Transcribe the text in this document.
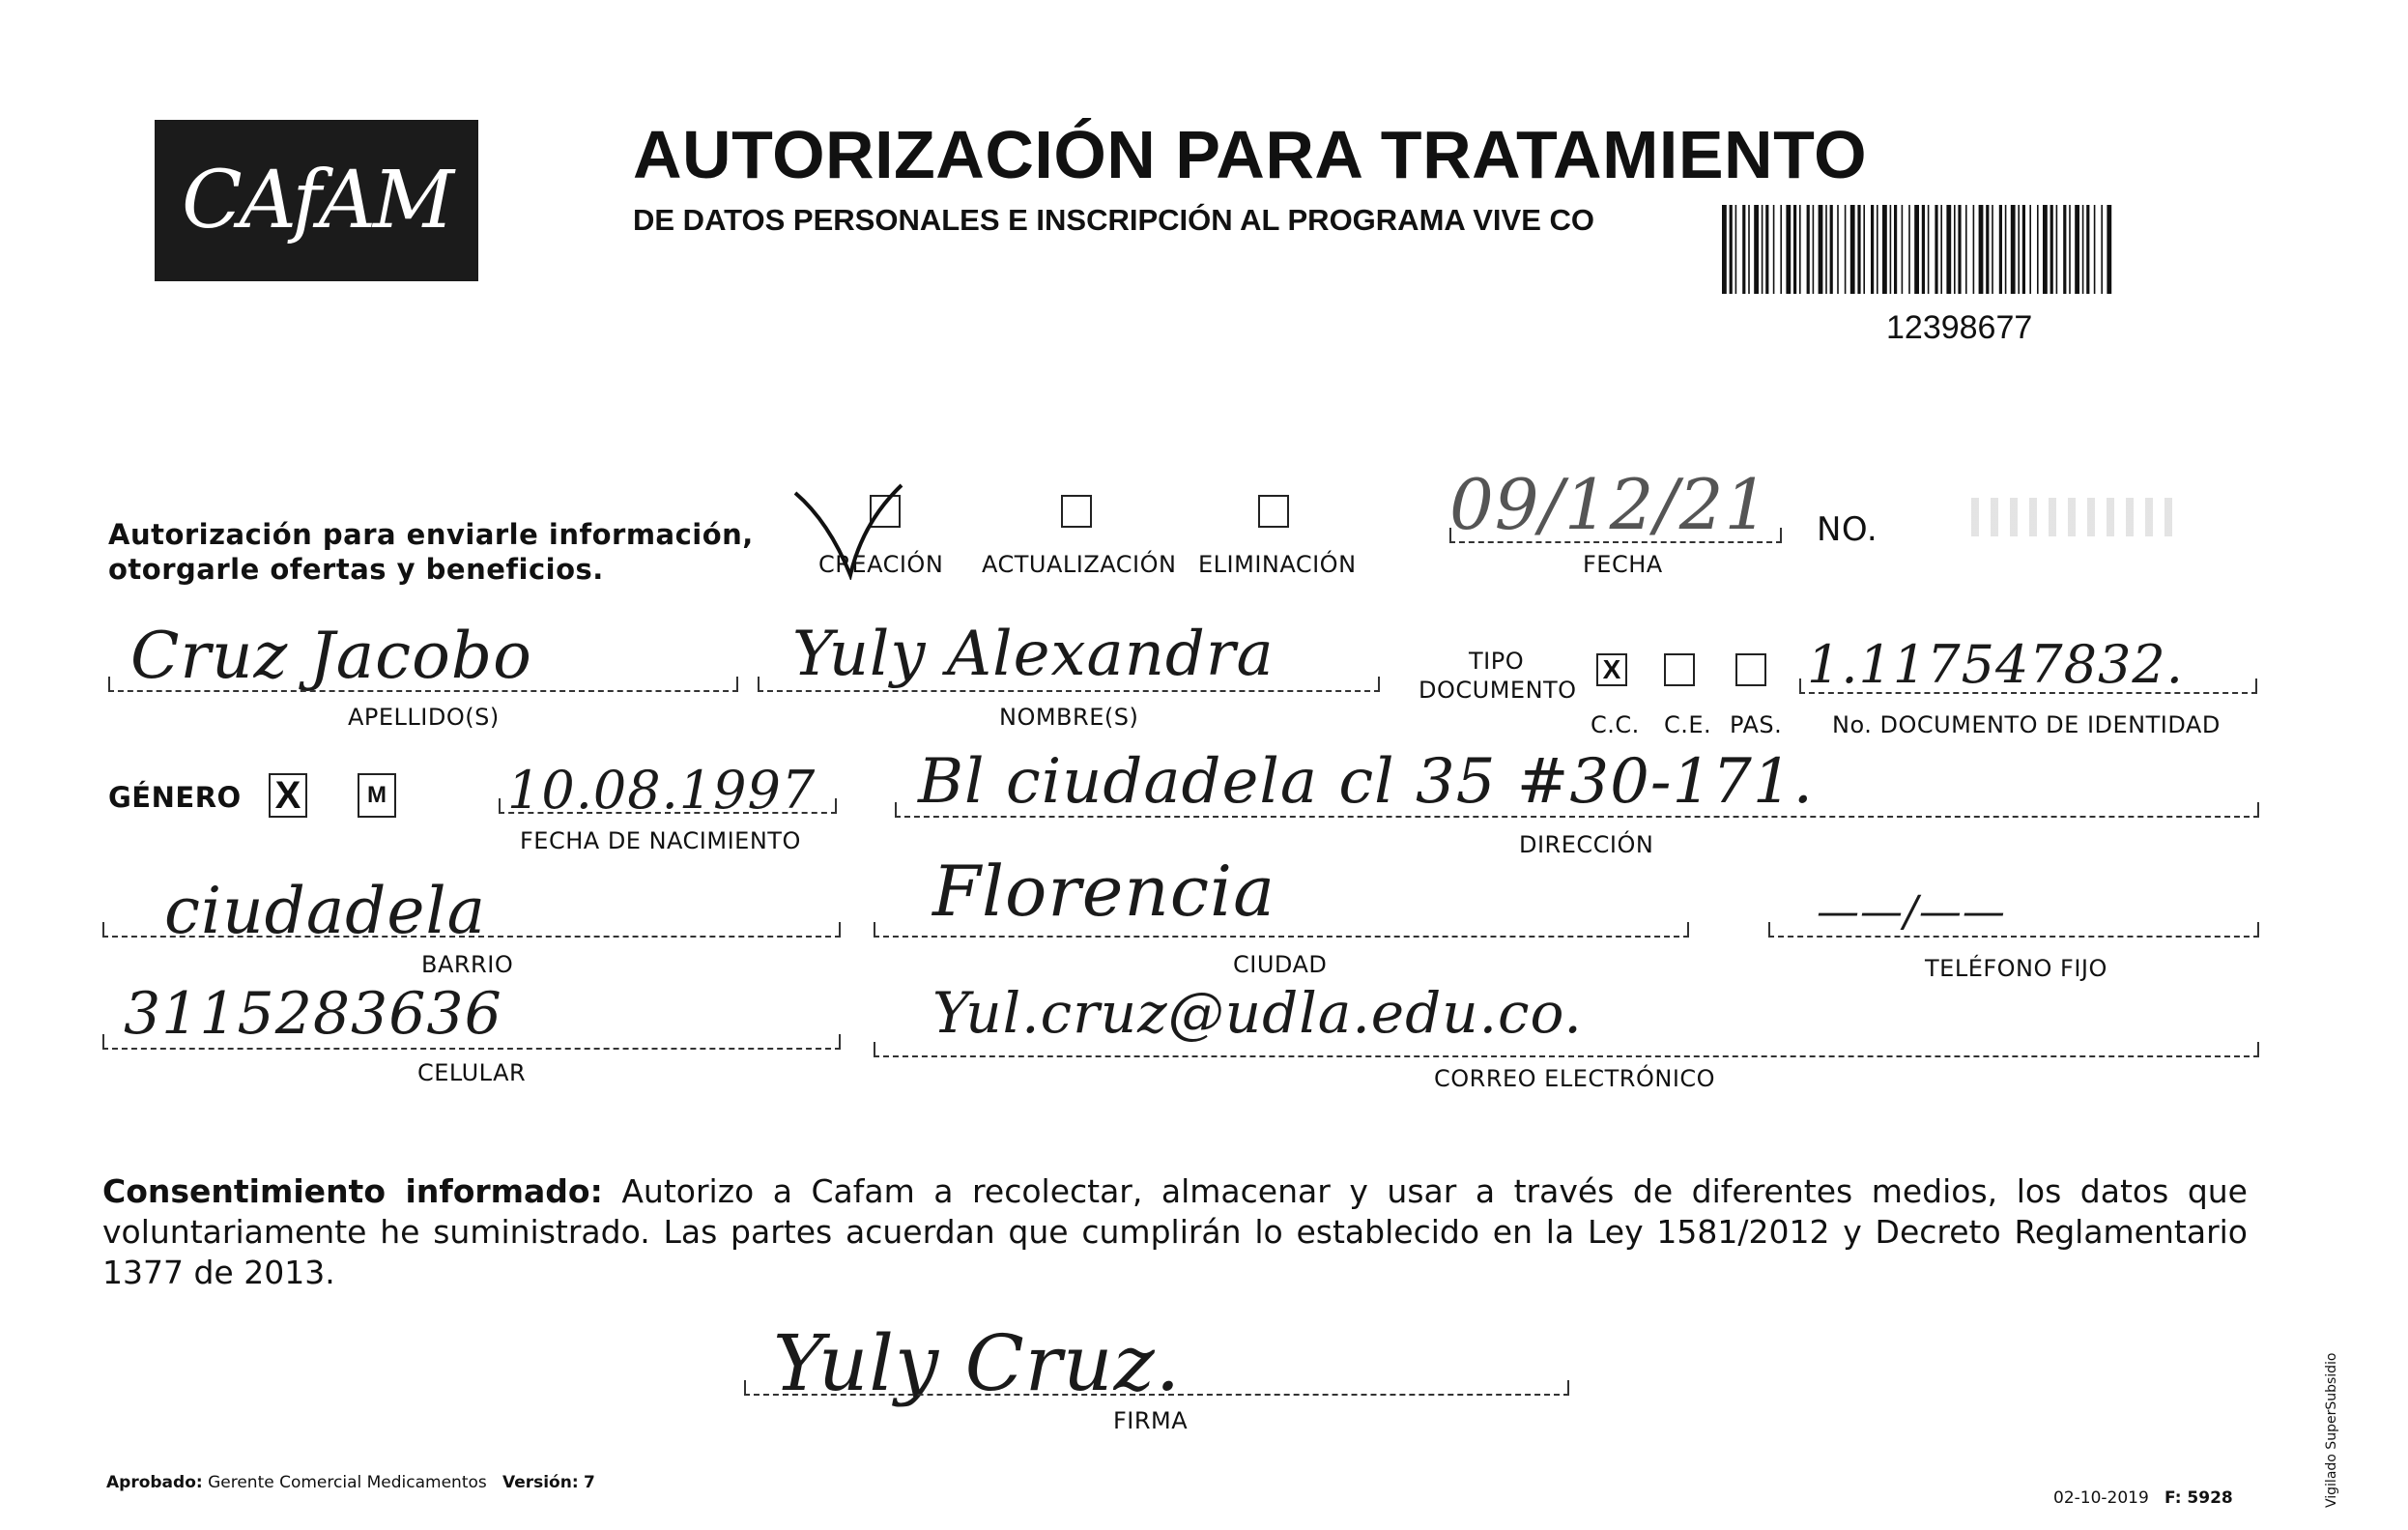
CAfAM	AUTORIZACIÓN PARA TRATAMIENTO
DE DATOS PERSONALES E INSCRIPCIÓN AL PROGRAMA VIVE CO
12398677
Autorización para enviarle información,
otorgarle ofertas y beneficios.	CREACIÓN ACTUALIZACIÓN ELIMINACIÓN
09/12/21
FECHA
NO.
Cruz Jacobo
APELLIDO(S)
Yuly Alexandra
NOMBRE(S)
TIPO
DOCUMENTO
X
C.C. C.E. PAS.
1.117547832.
No. DOCUMENTO DE IDENTIDAD
GÉNERO X	M 10.08.1997
FECHA DE NACIMIENTO
Bl ciudadela cl 35 #30-171.
DIRECCIÓN
ciudadela
BARRIO
Florencia
CIUDAD
——/——
TELÉFONO FIJO
3115283636
CELULAR
Yul.cruz@udla.edu.co.
CORREO ELECTRÓNICO
Consentimiento informado: Autorizo a Cafam a recolectar, almacenar y usar a través de diferentes medios, los datos que voluntariamente he suministrado. Las partes acuerdan que cumplirán lo establecido en la Ley 1581/2012 y Decreto Reglamentario 1377 de 2013.
Yuly Cruz.
FIRMA
Aprobado: Gerente Comercial Medicamentos Versión: 7
02-10-2019 F: 5928	Vigilado SuperSubsidio
